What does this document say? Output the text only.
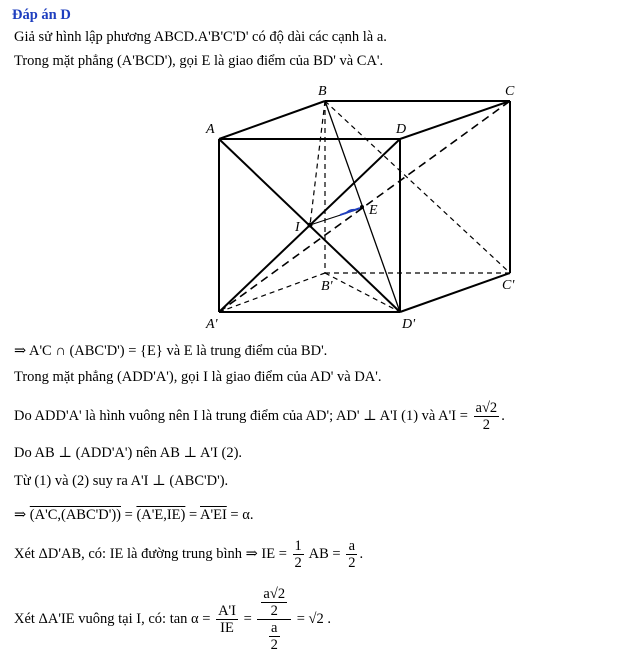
Đáp án D
Giả sử hình lập phương ABCD.A'B'C'D' có độ dài các cạnh là a.
Trong mặt phẳng (A'BCD'), gọi E là giao điểm của BD' và CA'.
B	C
A	D
I
E
B'	C'
A'	D'
⇒ A'C ∩ (ABC'D') = {E} và E là trung điểm của BD'.
Trong mặt phẳng (ADD'A'), gọi I là giao điểm của AD' và DA'.
Do ADD'A' là hình vuông nên I là trung điểm của AD'; AD' ⊥ A'I (1) và $A'I = \frac{a√2}{2}$ .
Do AB ⊥ (ADD'A') nên AB ⊥ A'I (2).
Từ (1) và (2) suy ra A'I ⊥ (ABC'D').
⇒ (A'C,(ABC'D')) = (A'E,IE) = A'EI = α.
Xét ΔD'AB, có: IE là đường trung bình ⇒ IE = $\frac{1}{2}$ AB = $\frac{a}{2}$ .
Xét ΔA'IE vuông tại I, có: $\tan \alpha = \frac{A'I}{IE} = \frac{\frac{a√2}{2}}{\frac{a}{2}} = √2$ .
